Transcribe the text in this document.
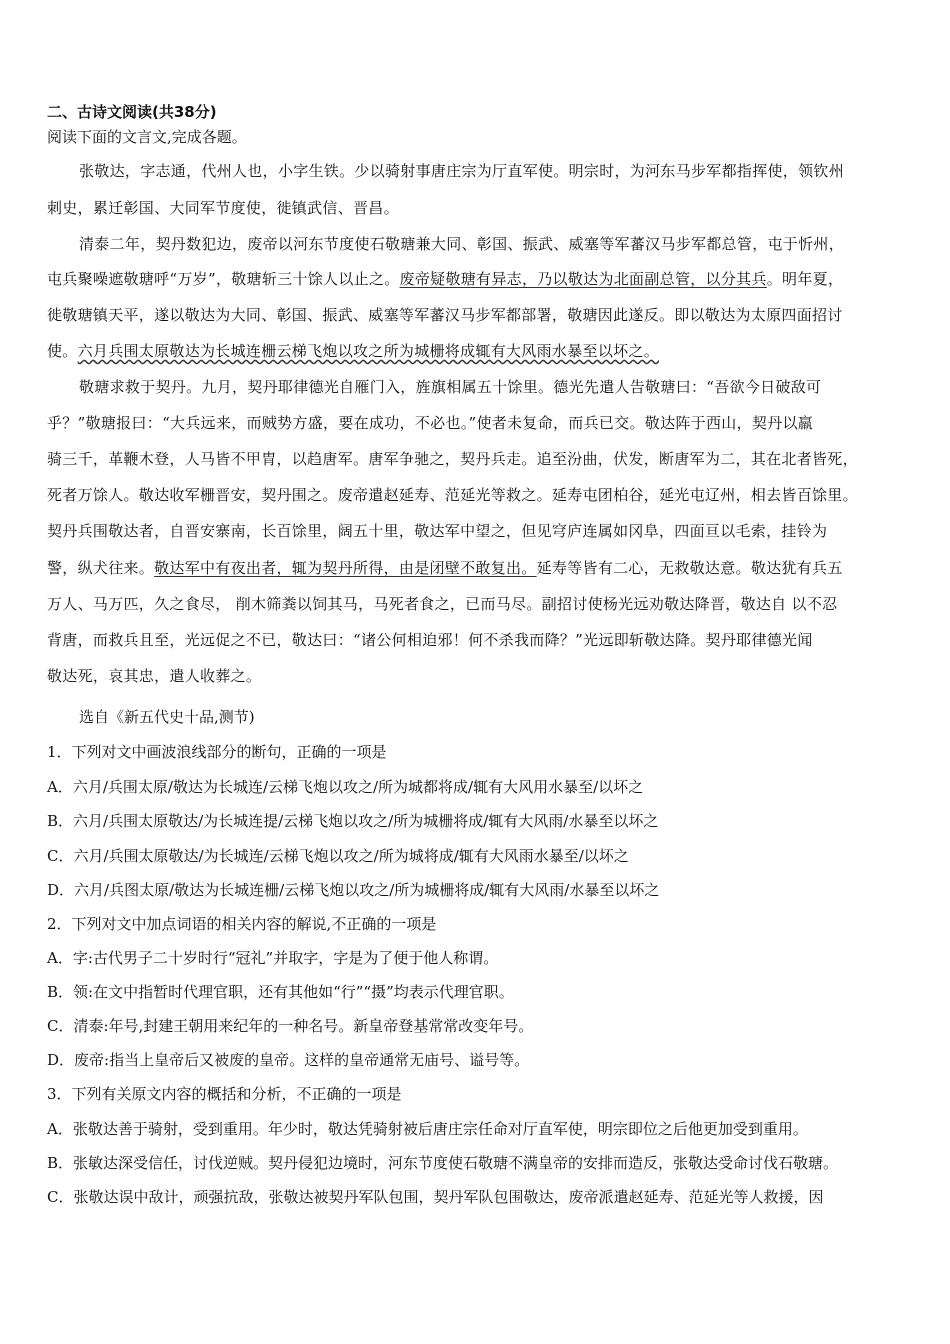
二、古诗文阅读(共38分)
阅读下面的文言文,完成各题。
张敬达，字志通，代州人也，小字生铁。少以骑射事唐庄宗为厅直军使。明宗时，为河东马步军都指挥使，领钦州
刺史，累迁彰国、大同军节度使，徙镇武信、晋昌。
清泰二年，契丹数犯边，废帝以河东节度使石敬瑭兼大同、彰国、振武、威塞等军蕃汉马步军都总管，屯于忻州，
屯兵聚噪遮敬瑭呼“万岁”，敬瑭斩三十馀人以止之。废帝疑敬瑭有异志，乃以敬达为北面副总管，以分其兵。明年夏，
徙敬瑭镇天平，遂以敬达为大同、彰国、振武、威塞等军蕃汉马步军都部署，敬瑭因此遂反。即以敬达为太原四面招讨
使。六月兵围太原敬达为长城连栅云梯飞炮以攻之所为城栅将成辄有大风雨水暴至以坏之。
敬瑭求救于契丹。九月，契丹耶律德光自雁门入，旌旗相属五十馀里。德光先遣人告敬瑭曰：“吾欲今日破敌可
乎？”敬瑭报曰：“大兵远来，而贼势方盛，要在成功，不必也。”使者未复命，而兵已交。敬达阵于西山，契丹以羸
骑三千，革鞭木登，人马皆不甲胄，以趋唐军。唐军争驰之，契丹兵走。追至汾曲，伏发，断唐军为二，其在北者皆死，
死者万馀人。敬达收军栅晋安，契丹围之。废帝遣赵延寿、范延光等救之。延寿屯团柏谷，延光屯辽州，相去皆百馀里。
契丹兵围敬达者，自晋安寨南，长百馀里，阔五十里，敬达军中望之，但见穹庐连属如冈阜，四面亘以毛索，挂铃为
警，纵犬往来。敬达军中有夜出者，辄为契丹所得，由是闭壁不敢复出。延寿等皆有二心，无救敬达意。敬达犹有兵五
万人、马万匹，久之食尽， 削木筛粪以饲其马，马死者食之，已而马尽。副招讨使杨光远劝敬达降晋，敬达自 以不忍
背唐，而救兵且至，光远促之不已，敬达曰：“诸公何相迫邪！何不杀我而降？”光远即斩敬达降。契丹耶律德光闻
敬达死，哀其忠，遣人收葬之。
选自《新五代史十品,测节)
1．下列对文中画波浪线部分的断句，正确的一项是
A．六月/兵围太原/敬达为长城连/云梯飞炮以攻之/所为城都将成/辄有大风用水暴至/以坏之
B．六月/兵围太原敬达/为长城连提/云梯飞炮以攻之/所为城栅将成/辄有大风雨/水暴至以坏之
C．六月/兵围太原敬达/为长城连/云梯飞炮以攻之/所为城将成/辄有大风雨水暴至/以坏之
D．六月/兵图太原/敬达为长城连栅/云梯飞炮以攻之/所为城栅将成/辄有大风雨/水暴至以坏之
2．下列对文中加点词语的相关内容的解说,不正确的一项是
A．字:古代男子二十岁时行“冠礼”并取字，字是为了便于他人称谓。
B．领:在文中指暂时代理官职，还有其他如“行”“摄”均表示代理官职。
C．清泰:年号,封建王朝用来纪年的一种名号。新皇帝登基常常改变年号。
D．废帝:指当上皇帝后又被废的皇帝。这样的皇帝通常无庙号、谥号等。
3．下列有关原文内容的概括和分析，不正确的一项是
A．张敬达善于骑射，受到重用。年少时，敬达凭骑射被后唐庄宗任命对厅直军使，明宗即位之后他更加受到重用。
B．张敏达深受信任，讨伐逆贼。契丹侵犯边境时，河东节度使石敬瑭不满皇帝的安排而造反，张敬达受命讨伐石敬瑭。
C．张敬达误中敌计，顽强抗敌，张敬达被契丹军队包围，契丹军队包围敬达，废帝派遣赵延寿、范延光等人救援，因
